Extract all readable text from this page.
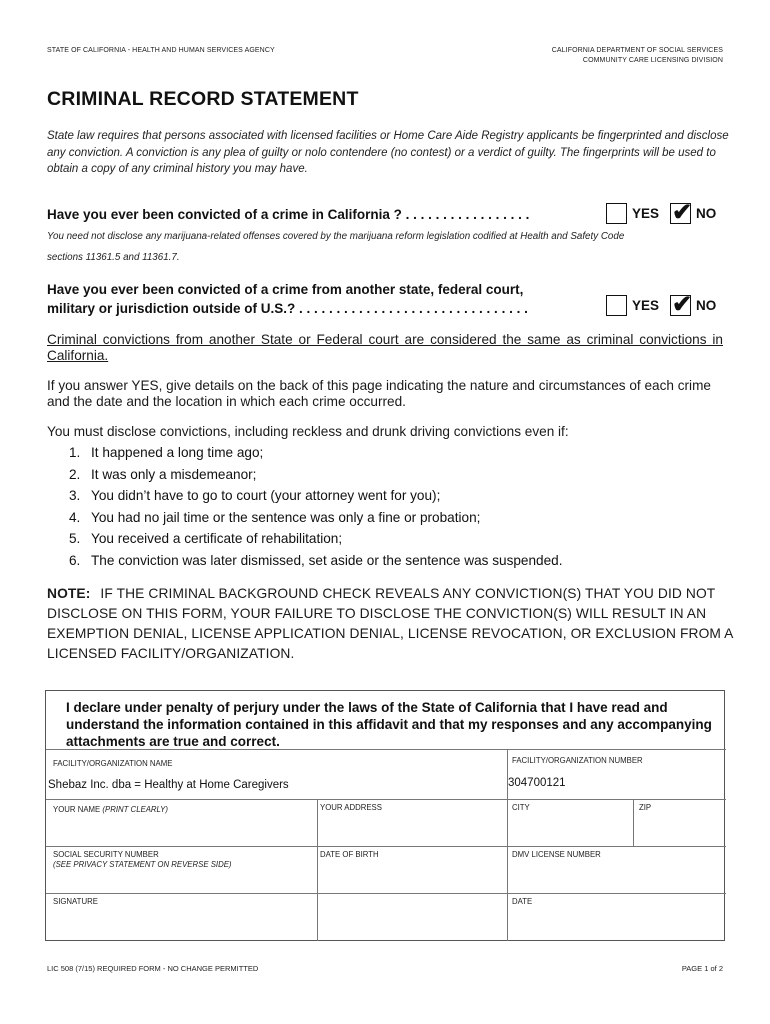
STATE OF CALIFORNIA - HEALTH AND HUMAN SERVICES AGENCY	CALIFORNIA DEPARTMENT OF SOCIAL SERVICES
COMMUNITY CARE LICENSING DIVISION
CRIMINAL RECORD STATEMENT
State law requires that persons associated with licensed facilities or Home Care Aide Registry applicants be fingerprinted and disclose any conviction. A conviction is any plea of guilty or nolo contendere (no contest) or a verdict of guilty. The fingerprints will be used to obtain a copy of any criminal history you may have.
Have you ever been convicted of a crime in California ? . . . . . . . . . . . . . . . . .	YES ✔ NO
You need not disclose any marijuana-related offenses covered by the marijuana reform legislation codified at Health and Safety Code
sections 11361.5 and 11361.7.
Have you ever been convicted of a crime from another state, federal court,
military or jurisdiction outside of U.S.? . . . . . . . . . . . . . . . . . . . . . . . . . . . . . . .	YES ✔ NO
Criminal convictions from another State or Federal court are considered the same as criminal convictions in California.
If you answer YES, give details on the back of this page indicating the nature and circumstances of each crime and the date and the location in which each crime occurred.
You must disclose convictions, including reckless and drunk driving convictions even if:
1. It happened a long time ago;
2. It was only a misdemeanor;
3. You didn’t have to go to court (your attorney went for you);
4. You had no jail time or the sentence was only a fine or probation;
5. You received a certificate of rehabilitation;
6. The conviction was later dismissed, set aside or the sentence was suspended.
NOTE: IF THE CRIMINAL BACKGROUND CHECK REVEALS ANY CONVICTION(S) THAT YOU DID NOT DISCLOSE ON THIS FORM, YOUR FAILURE TO DISCLOSE THE CONVICTION(S) WILL RESULT IN AN EXEMPTION DENIAL, LICENSE APPLICATION DENIAL, LICENSE REVOCATION, OR EXCLUSION FROM A LICENSED FACILITY/ORGANIZATION.
I declare under penalty of perjury under the laws of the State of California that I have read and understand the information contained in this affidavit and that my responses and any accompanying attachments are true and correct.
FACILITY/ORGANIZATION NAME
Shebaz Inc. dba = Healthy at Home Caregivers
FACILITY/ORGANIZATION NUMBER
304700121
YOUR NAME (PRINT CLEARLY)	YOUR ADDRESS	CITY	ZIP
SOCIAL SECURITY NUMBER
(SEE PRIVACY STATEMENT ON REVERSE SIDE)
DATE OF BIRTH	DMV LICENSE NUMBER
SIGNATURE	DATE
LIC 508 (7/15) REQUIRED FORM - NO CHANGE PERMITTED	PAGE 1 of 2
